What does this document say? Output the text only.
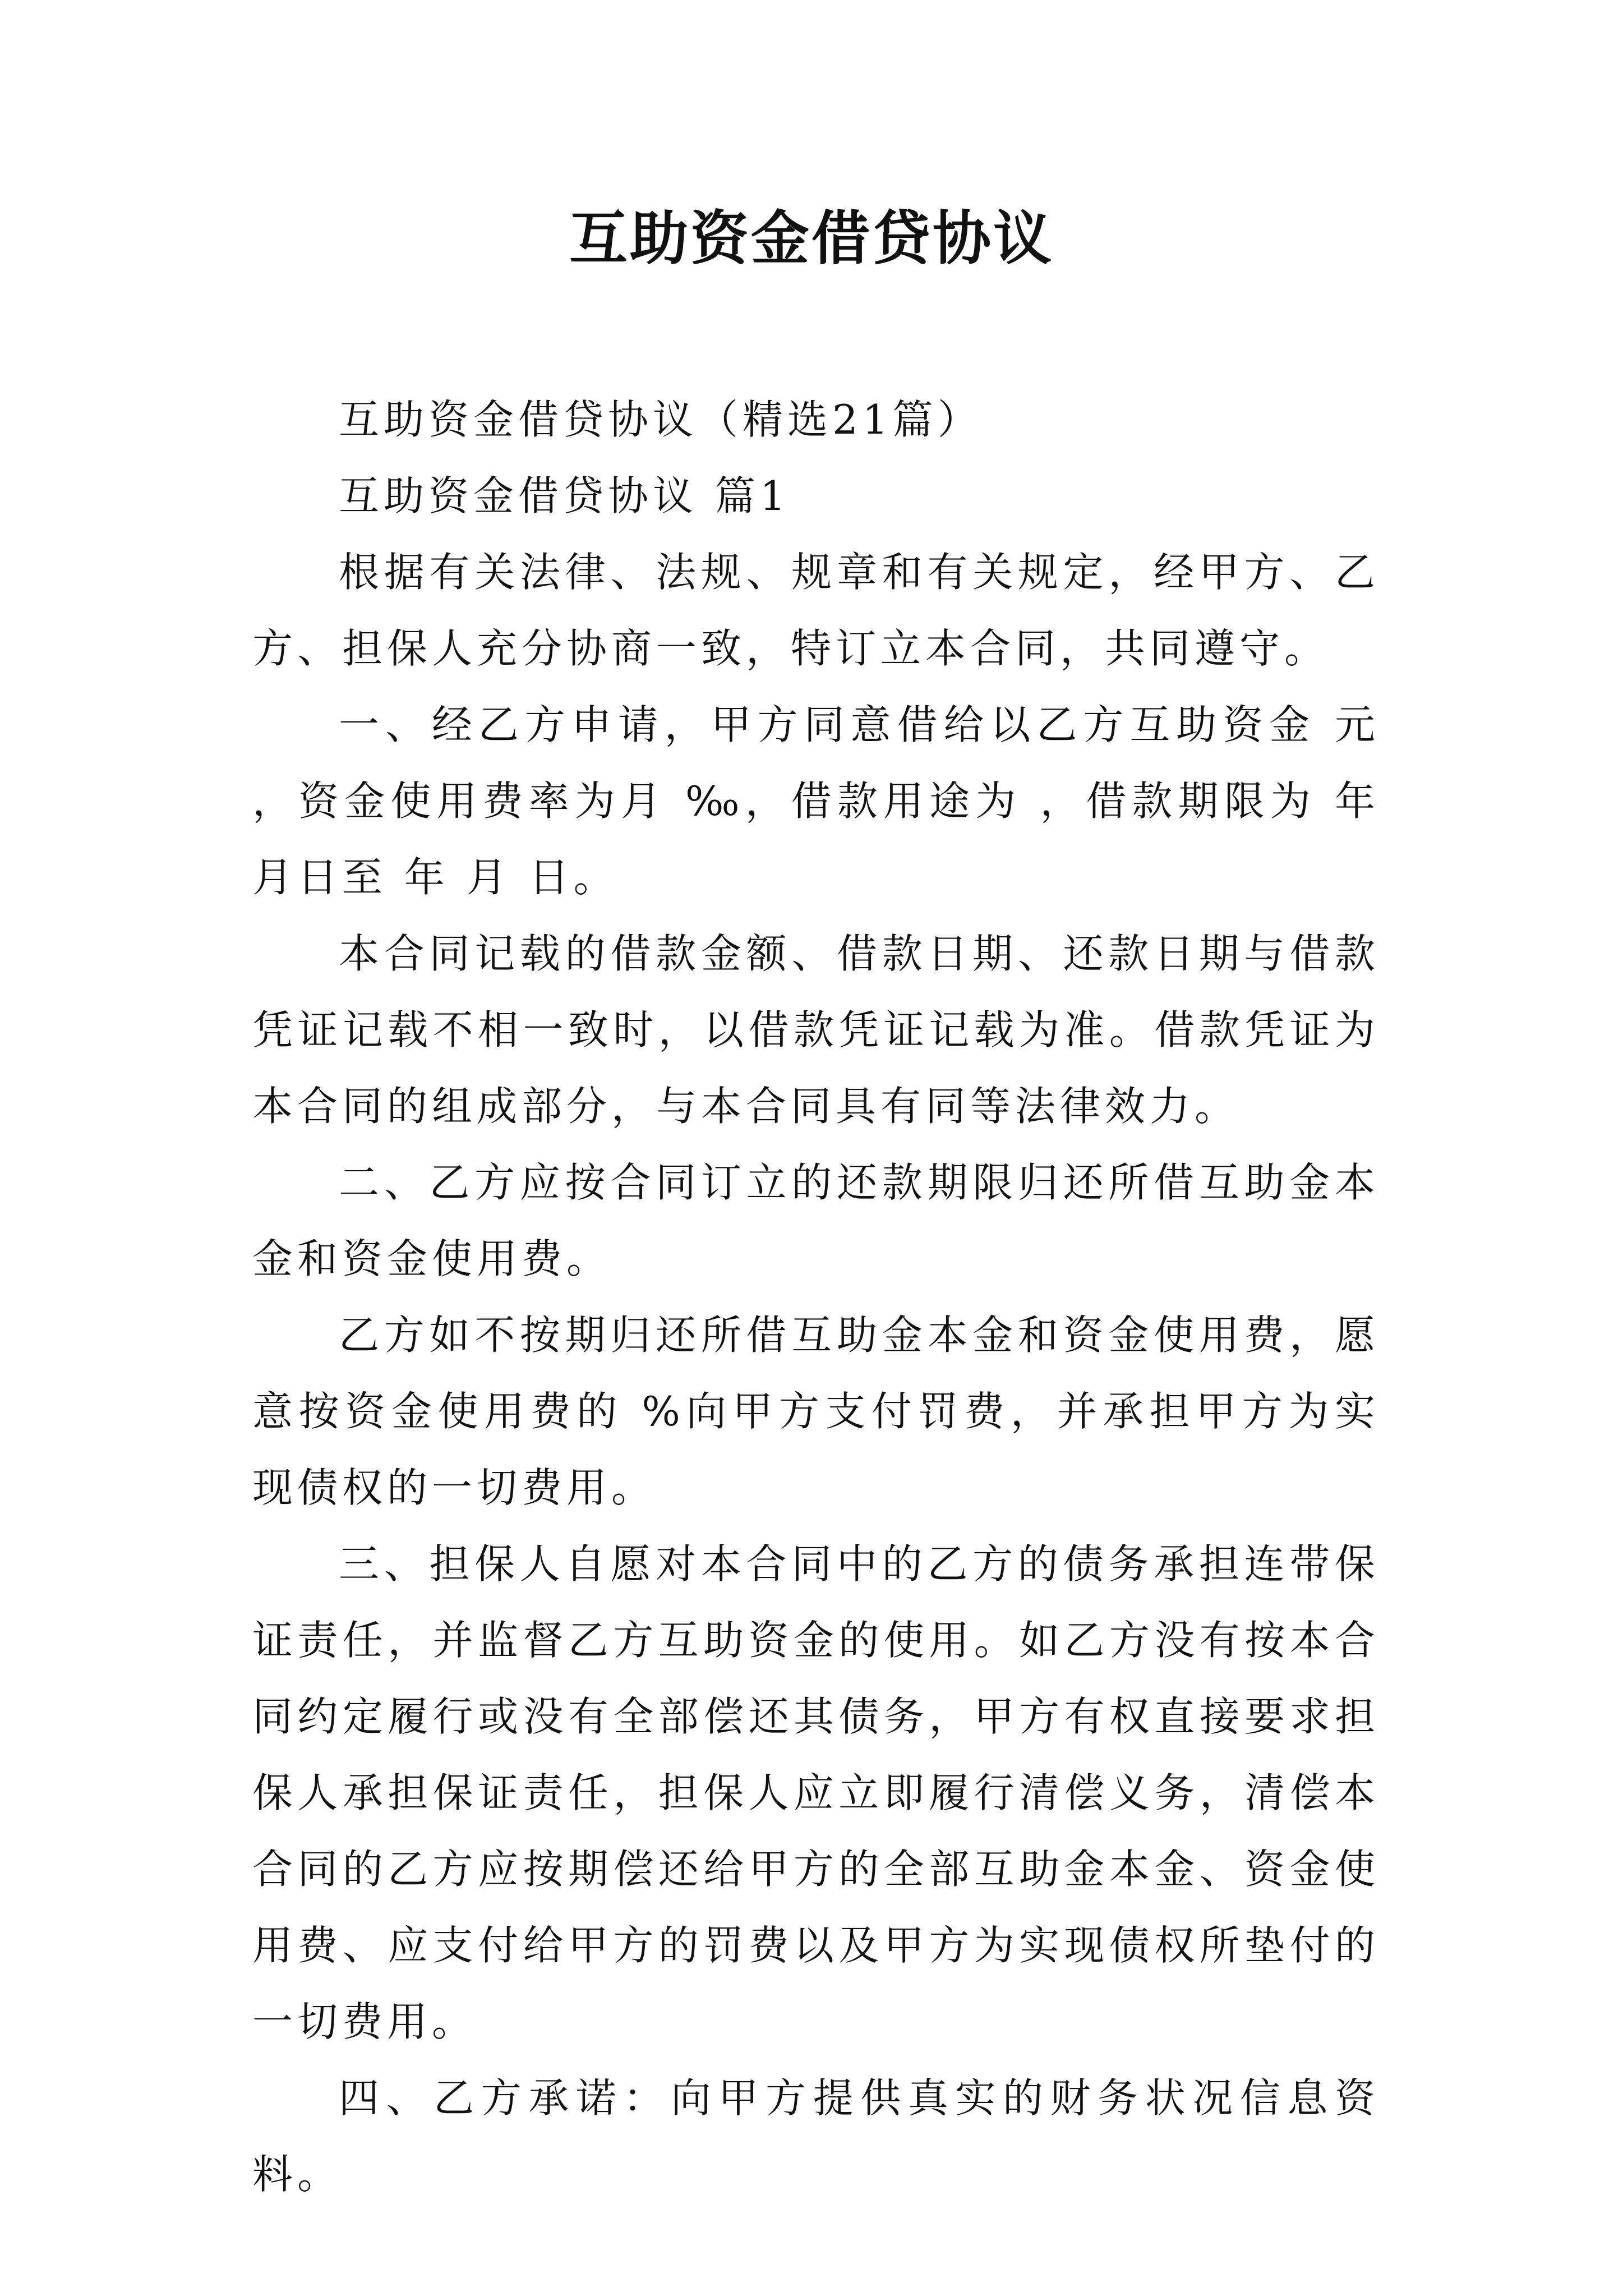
互助资金借贷协议

互助资金借贷协议（精选21篇）

互助资金借贷协议 篇1

根据有关法律、法规、规章和有关规定，经甲方、乙方、担保人充分协商一致，特订立本合同，共同遵守。

一、经乙方申请，甲方同意借给以乙方互助资金 元 ，资金使用费率为月 ‰，借款用途为 ，借款期限为 年 月日至 年 月 日。

本合同记载的借款金额、借款日期、还款日期与借款凭证记载不相一致时，以借款凭证记载为准。借款凭证为本合同的组成部分，与本合同具有同等法律效力。

二、乙方应按合同订立的还款期限归还所借互助金本金和资金使用费。

乙方如不按期归还所借互助金本金和资金使用费，愿意按资金使用费的 %向甲方支付罚费，并承担甲方为实现债权的一切费用。

三、担保人自愿对本合同中的乙方的债务承担连带保证责任，并监督乙方互助资金的使用。如乙方没有按本合同约定履行或没有全部偿还其债务，甲方有权直接要求担保人承担保证责任，担保人应立即履行清偿义务，清偿本合同的乙方应按期偿还给甲方的全部互助金本金、资金使用费、应支付给甲方的罚费以及甲方为实现债权所垫付的一切费用。

四、乙方承诺：向甲方提供真实的财务状况信息资料。
